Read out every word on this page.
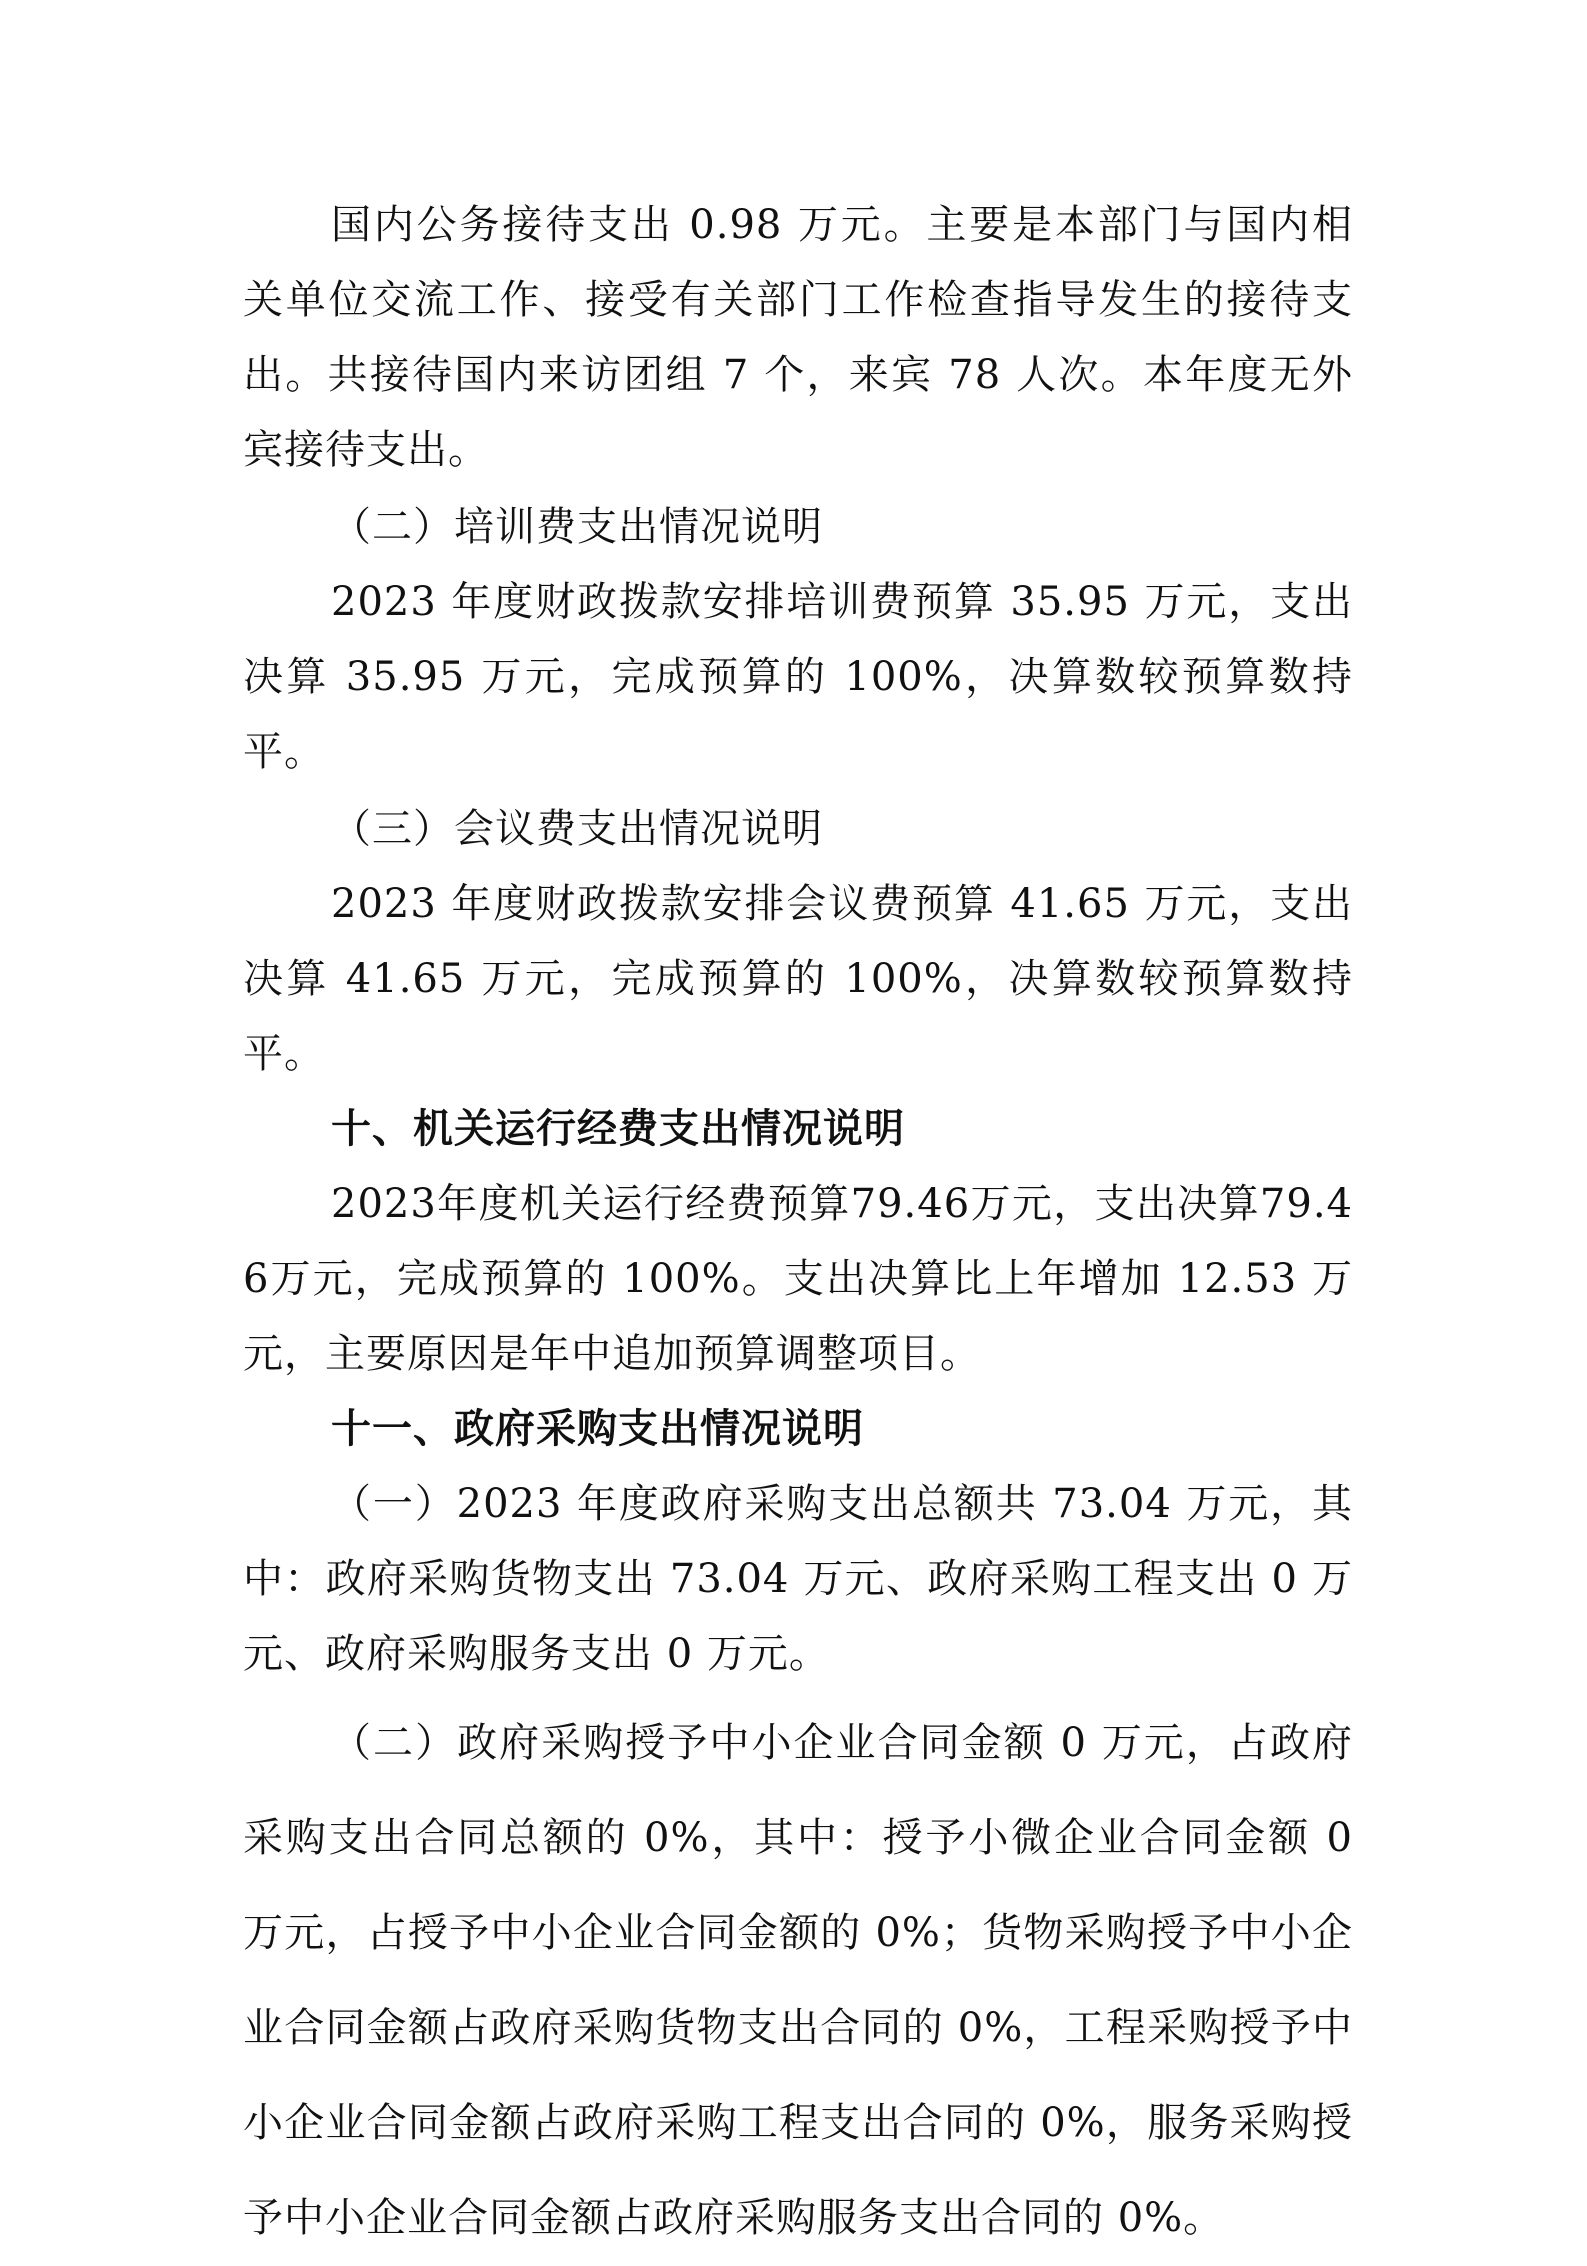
国内公务接待支出 0.98 万元。主要是本部门与国内相关单位交流工作、接受有关部门工作检查指导发生的接待支出。共接待国内来访团组 7 个，来宾 78 人次。本年度无外宾接待支出。

（二）培训费支出情况说明

2023 年度财政拨款安排培训费预算 35.95 万元，支出决算 35.95 万元，完成预算的 100%，决算数较预算数持平。

（三）会议费支出情况说明

2023 年度财政拨款安排会议费预算 41.65 万元，支出决算 41.65 万元，完成预算的 100%，决算数较预算数持平。

十、机关运行经费支出情况说明

2023年度机关运行经费预算79.46万元，支出决算79.46万元，完成预算的 100%。支出决算比上年增加 12.53 万元，主要原因是年中追加预算调整项目。

十一、政府采购支出情况说明

（一）2023 年度政府采购支出总额共 73.04 万元，其中：政府采购货物支出 73.04 万元、政府采购工程支出 0 万元、政府采购服务支出 0 万元。

（二）政府采购授予中小企业合同金额 0 万元，占政府采购支出合同总额的 0%，其中：授予小微企业合同金额 0 万元，占授予中小企业合同金额的 0%；货物采购授予中小企业合同金额占政府采购货物支出合同的 0%，工程采购授予中小企业合同金额占政府采购工程支出合同的 0%，服务采购授予中小企业合同金额占政府采购服务支出合同的 0%。
